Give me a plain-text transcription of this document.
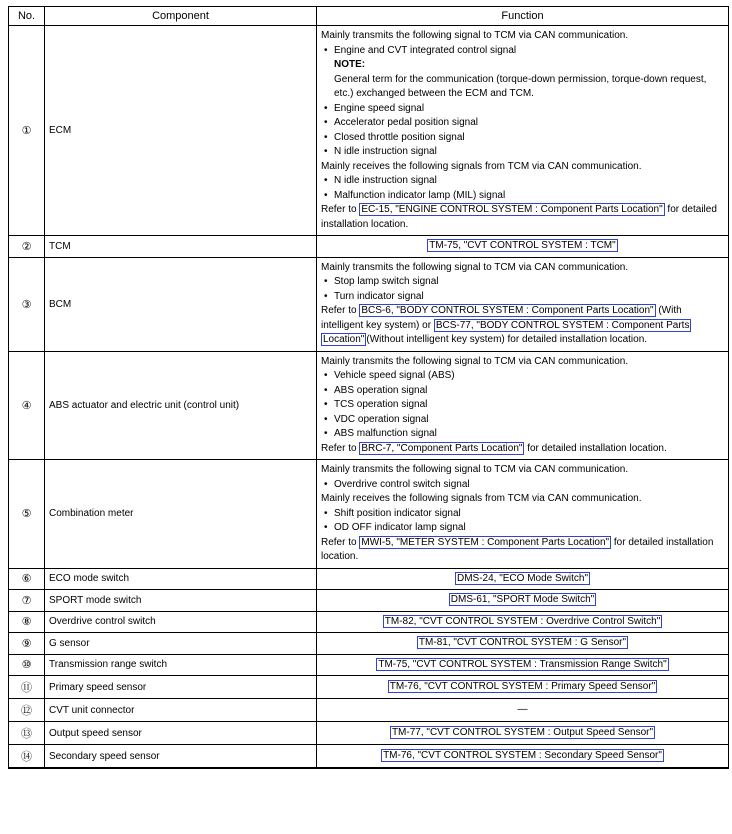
No.	Component	Function
①	ECM	
Mainly transmits the following signal to TCM via CAN communication.
• Engine and CVT integrated control signal
NOTE:
General term for the communication (torque-down permission, torque-down request, etc.) exchanged between the ECM and TCM.
• Engine speed signal
• Accelerator pedal position signal
• Closed throttle position signal
• N idle instruction signal
Mainly receives the following signals from TCM via CAN communication.
• N idle instruction signal
• Malfunction indicator lamp (MIL) signal
Refer to EC-15, "ENGINE CONTROL SYSTEM : Component Parts Location" for detailed installation location.

②	TCM	TM-75, "CVT CONTROL SYSTEM : TCM"

③	BCM	Mainly transmits the following signal to TCM via CAN communication.
• Stop lamp switch signal
• Turn indicator signal
Refer to BCS-6, "BODY CONTROL SYSTEM : Component Parts Location" (With intelligent key system) or BCS-77, "BODY CONTROL SYSTEM : Component Parts Location" (Without intelligent key system) for detailed installation location.

④	ABS actuator and electric unit (control unit)	
Mainly transmits the following signal to TCM via CAN communication.
• Vehicle speed signal (ABS)
• ABS operation signal
• TCS operation signal
• VDC operation signal
• ABS malfunction signal
Refer to BRC-7, "Component Parts Location" for detailed installation location.

⑤	Combination meter	
Mainly transmits the following signal to TCM via CAN communication.
• Overdrive control switch signal
Mainly receives the following signals from TCM via CAN communication.
• Shift position indicator signal
• OD OFF indicator lamp signal
Refer to MWI-5, "METER SYSTEM : Component Parts Location" for detailed installation location.

⑥	ECO mode switch	DMS-24, "ECO Mode Switch"

⑦	SPORT mode switch	DMS-61, "SPORT Mode Switch"

⑧	Overdrive control switch	TM-82, "CVT CONTROL SYSTEM : Overdrive Control Switch"

⑨	G sensor	TM-81, "CVT CONTROL SYSTEM : G Sensor"

⑩	Transmission range switch	TM-75, "CVT CONTROL SYSTEM : Transmission Range Switch"

⑪	Primary speed sensor	TM-76, "CVT CONTROL SYSTEM : Primary Speed Sensor"

⑫	CVT unit connector	—

⑬	Output speed sensor	TM-77, "CVT CONTROL SYSTEM : Output Speed Sensor"

⑭	Secondary speed sensor	TM-76, "CVT CONTROL SYSTEM : Secondary Speed Sensor"
